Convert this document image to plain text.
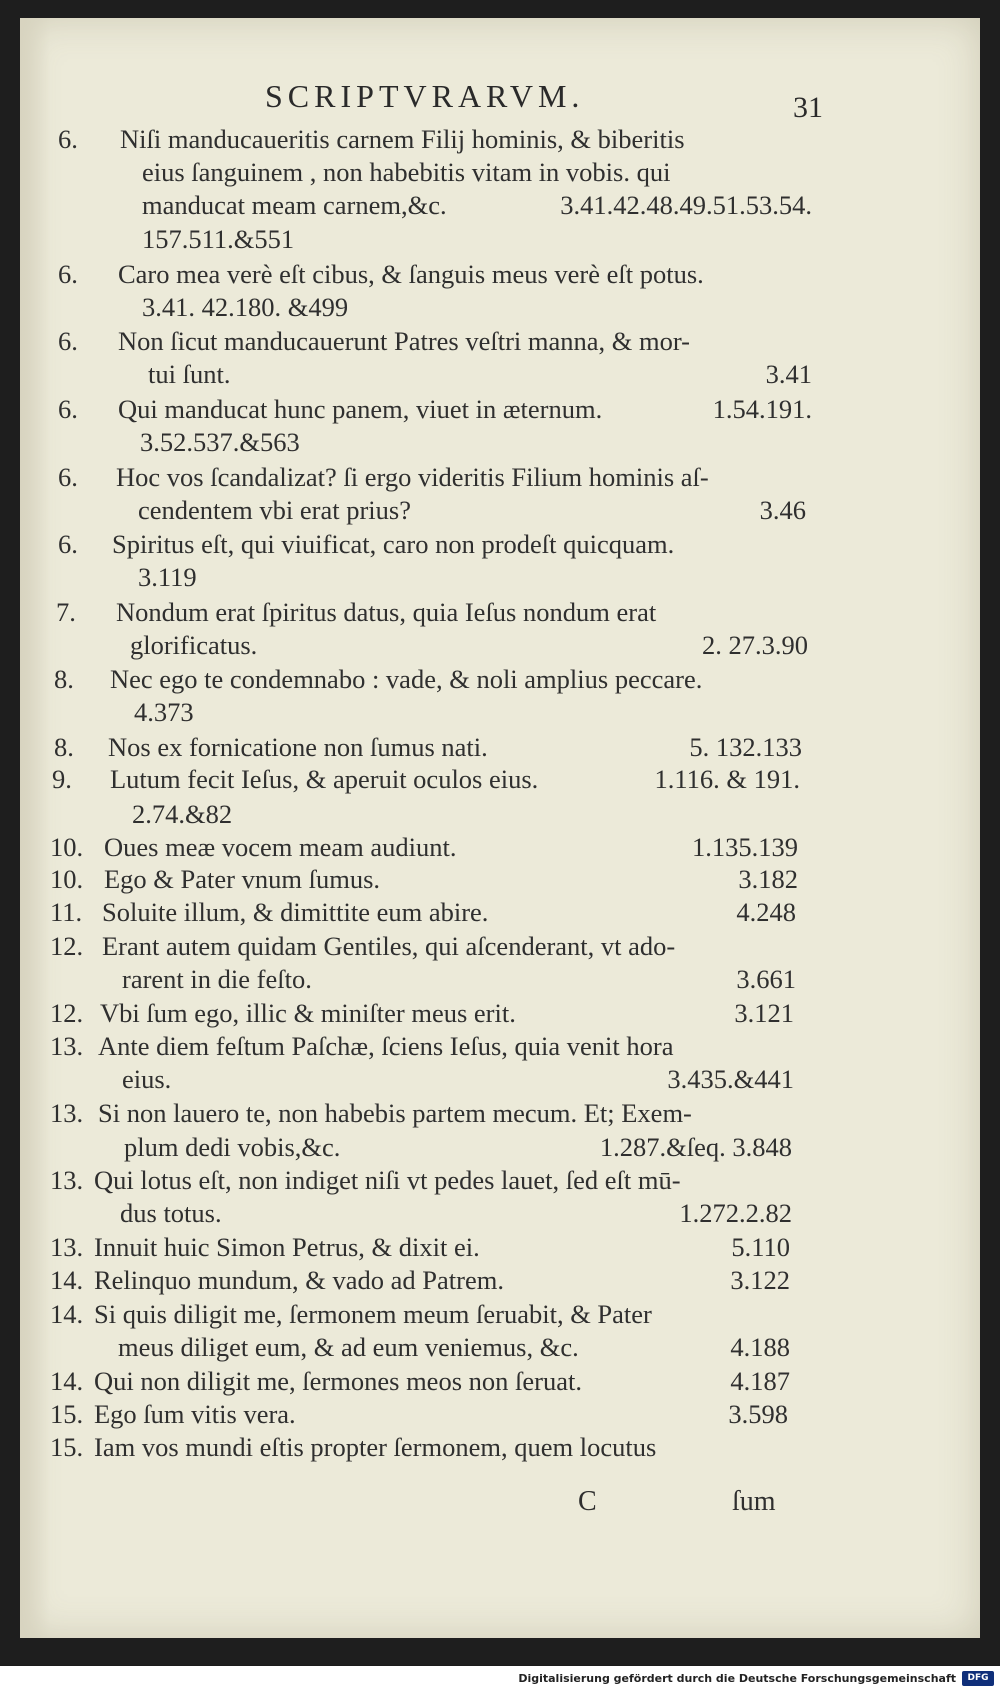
SCRIPTVRARVM.	31
6.	Niſi manducaueritis carnem Filij hominis, & biberitis
eius ſanguinem , non habebitis vitam in vobis. qui
manducat meam carnem,&c.	3.41.42.48.49.51.53.54.
157.511.&551
6.	Caro mea verè eſt cibus, & ſanguis meus verè eſt potus.
3.41. 42.180. &499
6.	Non ſicut manducauerunt Patres veſtri manna, & mor-
tui ſunt.	3.41
6.	Qui manducat hunc panem, viuet in æternum.	1.54.191.
3.52.537.&563
6.	Hoc vos ſcandalizat? ſi ergo videritis Filium hominis aſ-
cendentem vbi erat prius?	3.46
6.	Spiritus eſt, qui viuificat, caro non prodeſt quicquam.
3.119
7.	Nondum erat ſpiritus datus, quia Ieſus nondum erat
glorificatus.	2. 27.3.90
8.	Nec ego te condemnabo : vade, & noli amplius peccare.
4.373
8.	Nos ex fornicatione non ſumus nati.	5. 132.133
9.	Lutum fecit Ieſus, & aperuit oculos eius.	1.116. & 191.
2.74.&82
10. Oues meæ vocem meam audiunt.	1.135.139
10. Ego & Pater vnum ſumus.	3.182
11. Soluite illum, & dimittite eum abire.	4.248
12. Erant autem quidam Gentiles, qui aſcenderant, vt ado-
rarent in die feſto.	3.661
12. Vbi ſum ego, illic & miniſter meus erit.	3.121
13. Ante diem feſtum Paſchæ, ſciens Ieſus, quia venit hora
eius.	3.435.&441
13. Si non lauero te, non habebis partem mecum. Et; Exem-
plum dedi vobis,&c.	1.287.&ſeq. 3.848
13. Qui lotus eſt, non indiget niſi vt pedes lauet, ſed eſt mū-
dus totus.	1.272.2.82
13. Innuit huic Simon Petrus, & dixit ei.	5.110
14. Relinquo mundum, & vado ad Patrem.	3.122
14. Si quis diligit me, ſermonem meum ſeruabit, & Pater
meus diliget eum, & ad eum veniemus, &c.	4.188
14. Qui non diligit me, ſermones meos non ſeruat.	4.187
15. Ego ſum vitis vera.	3.598
15. Iam vos mundi eſtis propter ſermonem, quem locutus
C	ſum
Digitalisierung gefördert durch die Deutsche Forschungsgemeinschaft	DFG
